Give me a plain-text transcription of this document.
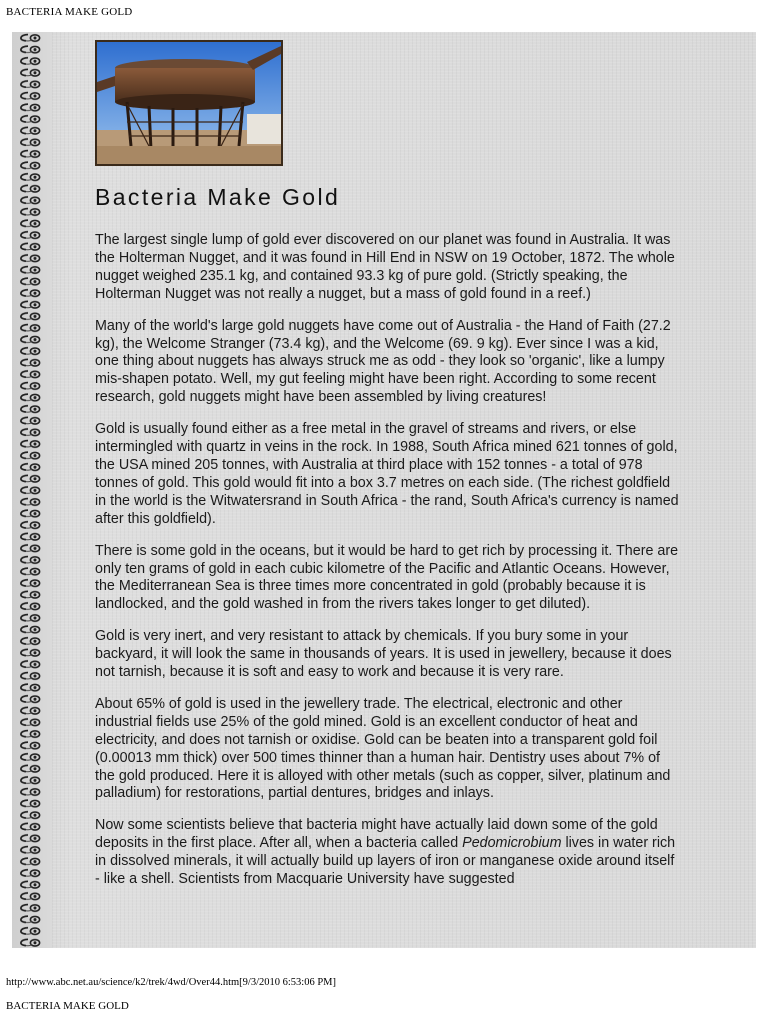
BACTERIA MAKE GOLD
Bacteria Make Gold

The largest single lump of gold ever discovered on our planet was found in Australia. It was the Holterman Nugget, and it was found in Hill End in NSW on 19 October, 1872. The whole nugget weighed 235.1 kg, and contained 93.3 kg of pure gold. (Strictly speaking, the Holterman Nugget was not really a nugget, but a mass of gold found in a reef.)

Many of the world's large gold nuggets have come out of Australia - the Hand of Faith (27.2 kg), the Welcome Stranger (73.4 kg), and the Welcome (69. 9 kg). Ever since I was a kid, one thing about nuggets has always struck me as odd - they look so 'organic', like a lumpy mis-shapen potato. Well, my gut feeling might have been right. According to some recent research, gold nuggets might have been assembled by living creatures!

Gold is usually found either as a free metal in the gravel of streams and rivers, or else intermingled with quartz in veins in the rock. In 1988, South Africa mined 621 tonnes of gold, the USA mined 205 tonnes, with Australia at third place with 152 tonnes - a total of 978 tonnes of gold. This gold would fit into a box 3.7 metres on each side. (The richest goldfield in the world is the Witwatersrand in South Africa - the rand, South Africa's currency is named after this goldfield).

There is some gold in the oceans, but it would be hard to get rich by processing it. There are only ten grams of gold in each cubic kilometre of the Pacific and Atlantic Oceans. However, the Mediterranean Sea is three times more concentrated in gold (probably because it is landlocked, and the gold washed in from the rivers takes longer to get diluted).

Gold is very inert, and very resistant to attack by chemicals. If you bury some in your backyard, it will look the same in thousands of years. It is used in jewellery, because it does not tarnish, because it is soft and easy to work and because it is very rare.

About 65% of gold is used in the jewellery trade. The electrical, electronic and other industrial fields use 25% of the gold mined. Gold is an excellent conductor of heat and electricity, and does not tarnish or oxidise. Gold can be beaten into a transparent gold foil (0.00013 mm thick) over 500 times thinner than a human hair. Dentistry uses about 7% of the gold produced. Here it is alloyed with other metals (such as copper, silver, platinum and palladium) for restorations, partial dentures, bridges and inlays.

Now some scientists believe that bacteria might have actually laid down some of the gold deposits in the first place. After all, when a bacteria called Pedomicrobium lives in water rich in dissolved minerals, it will actually build up layers of iron or manganese oxide around itself - like a shell. Scientists from Macquarie University have suggested

http://www.abc.net.au/science/k2/trek/4wd/Over44.htm[9/3/2010 6:53:06 PM]
BACTERIA MAKE GOLD
